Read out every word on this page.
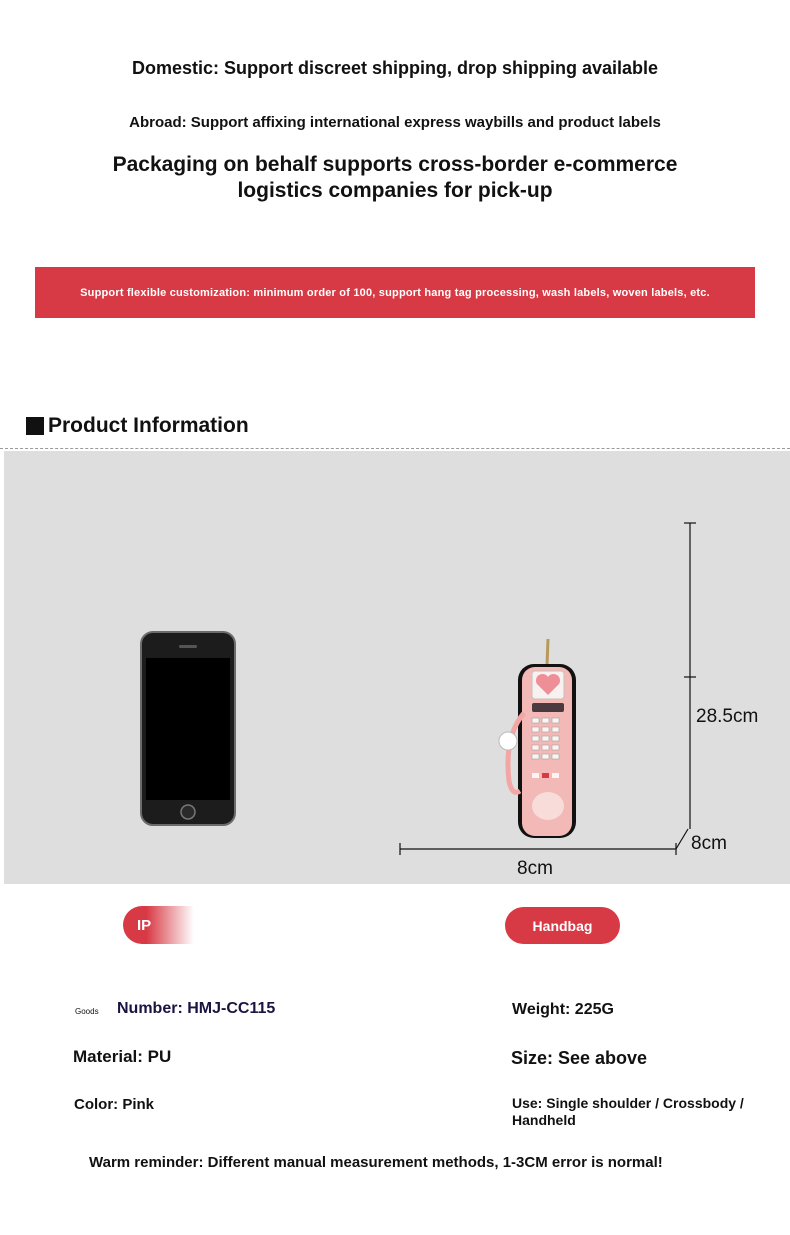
Domestic: Support discreet shipping, drop shipping available
Abroad: Support affixing international express waybills and product labels
Packaging on behalf supports cross-border e-commerce logistics companies for pick-up
Support flexible customization: minimum order of 100, support hang tag processing, wash labels, woven labels, etc.
Product Information
28.5cm
8cm
8cm
IP	Handbag
Goods Number: HMJ-CC115	Weight: 225G
Material: PU	Size: See above
Color: Pink	Use: Single shoulder / Crossbody / Handheld
Warm reminder: Different manual measurement methods, 1-3CM error is normal!
